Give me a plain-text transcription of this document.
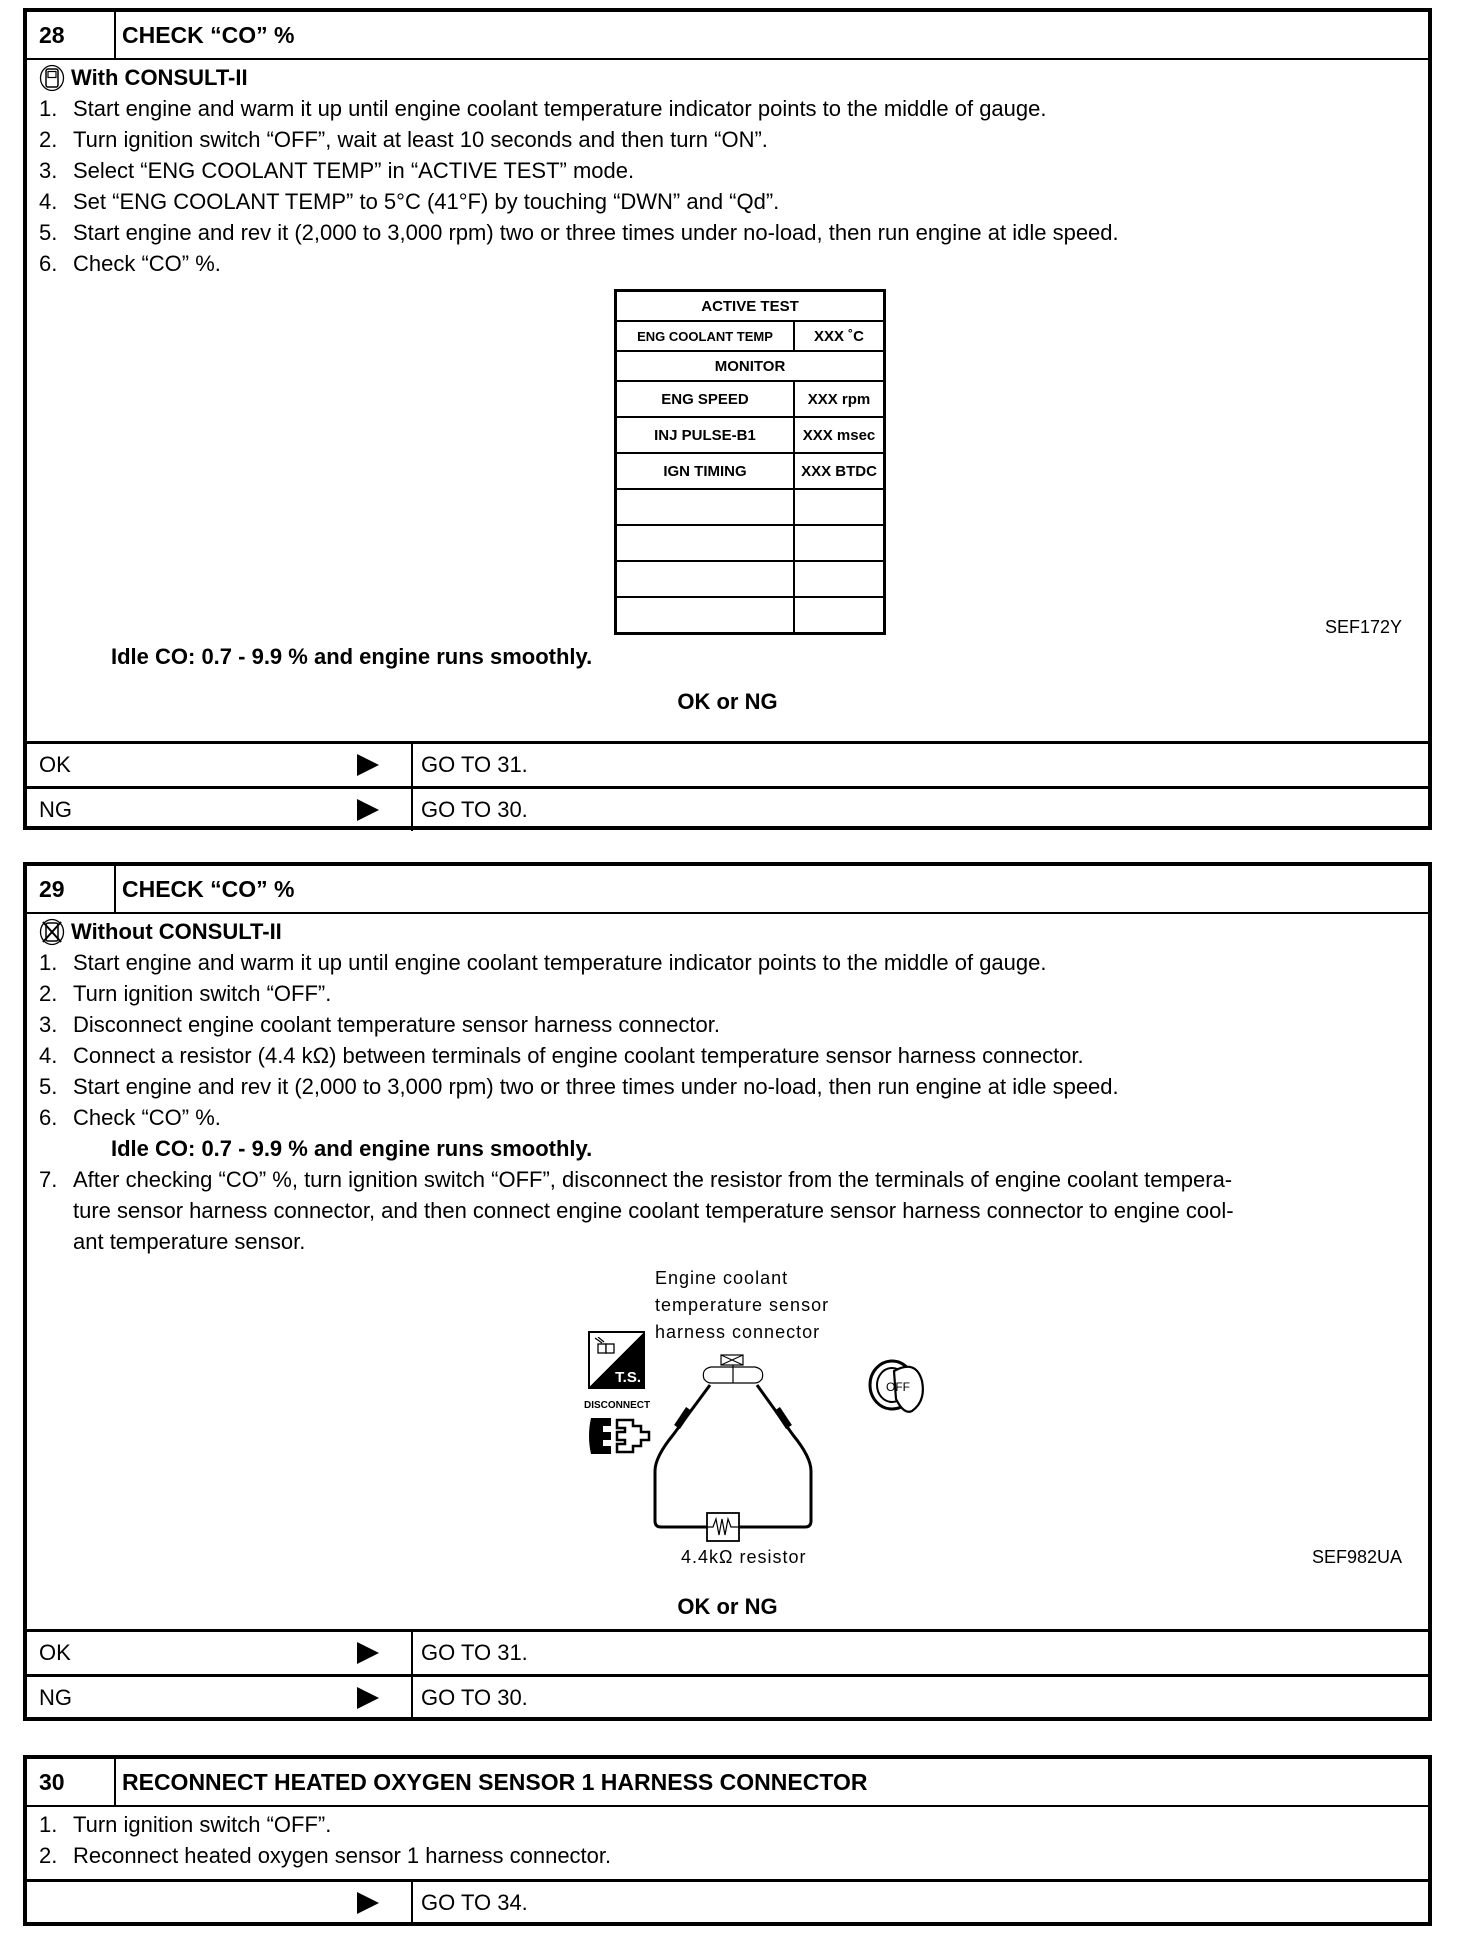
28	CHECK “CO” %
With CONSULT-II
1. Start engine and warm it up until engine coolant temperature indicator points to the middle of gauge.
2. Turn ignition switch “OFF”, wait at least 10 seconds and then turn “ON”.
3. Select “ENG COOLANT TEMP” in “ACTIVE TEST” mode.
4. Set “ENG COOLANT TEMP” to 5°C (41°F) by touching “DWN” and “Qd”.
5. Start engine and rev it (2,000 to 3,000 rpm) two or three times under no-load, then run engine at idle speed.
6. Check “CO” %.
ACTIVE TEST	
ENG COOLANT TEMP	XXX ˚C
MONITOR	
ENG SPEED	XXX rpm
INJ PULSE-B1	XXX msec
IGN TIMING	XXX BTDC

SEF172Y
Idle CO: 0.7 - 9.9 % and engine runs smoothly.
OK or NG
OK	GO TO 31.
NG	GO TO 30.
29	CHECK “CO” %
Without CONSULT-II
1. Start engine and warm it up until engine coolant temperature indicator points to the middle of gauge.
2. Turn ignition switch “OFF”.
3. Disconnect engine coolant temperature sensor harness connector.
4. Connect a resistor (4.4 kΩ) between terminals of engine coolant temperature sensor harness connector.
5. Start engine and rev it (2,000 to 3,000 rpm) two or three times under no-load, then run engine at idle speed.
6. Check “CO” %.
Idle CO: 0.7 - 9.9 % and engine runs smoothly.
7. After checking “CO” %, turn ignition switch “OFF”, disconnect the resistor from the terminals of engine coolant tempera-
ture sensor harness connector, and then connect engine coolant temperature sensor harness connector to engine cool-
ant temperature sensor.
Engine coolant
temperature sensor
harness connector
T.S.
DISCONNECT
4.4kΩ resistor
OFF
SEF982UA
OK or NG
OK	GO TO 31.
NG	GO TO 30.
30	RECONNECT HEATED OXYGEN SENSOR 1 HARNESS CONNECTOR
1. Turn ignition switch “OFF”.
2. Reconnect heated oxygen sensor 1 harness connector.
GO TO 34.
